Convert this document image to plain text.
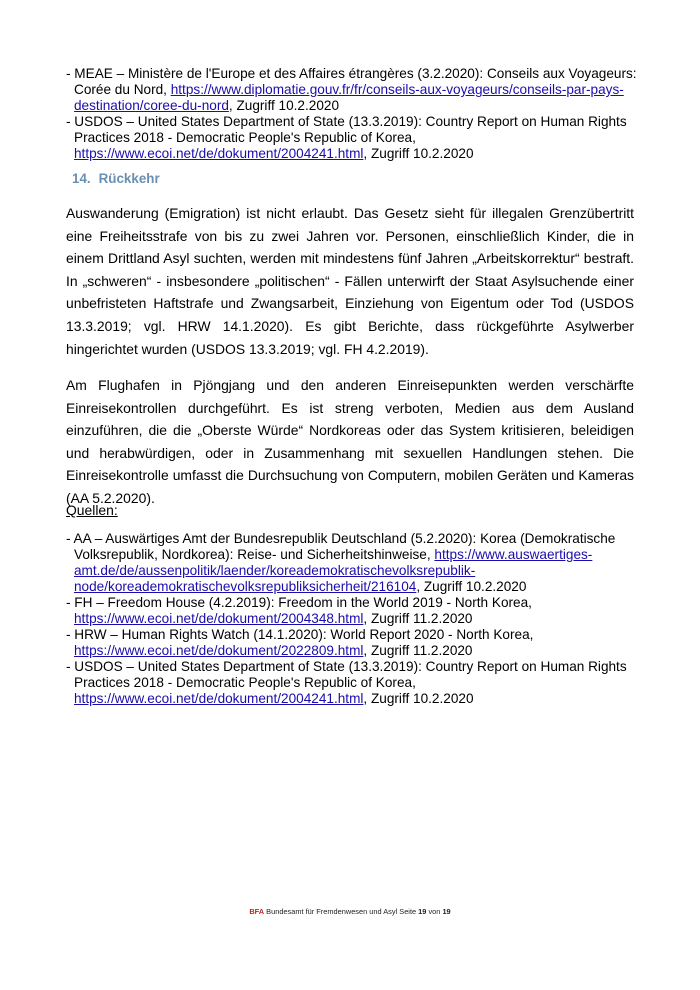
- MEAE – Ministère de l'Europe et des Affaires étrangères (3.2.2020): Conseils aux Voyageurs: Corée du Nord, https://www.diplomatie.gouv.fr/fr/conseils-aux-voyageurs/conseils-par-pays-destination/coree-du-nord, Zugriff 10.2.2020

- USDOS – United States Department of State (13.3.2019): Country Report on Human Rights Practices 2018 - Democratic People's Republic of Korea, https://www.ecoi.net/de/dokument/2004241.html, Zugriff 10.2.2020

14. Rückkehr

Auswanderung (Emigration) ist nicht erlaubt. Das Gesetz sieht für illegalen Grenzübertritt eine Freiheitsstrafe von bis zu zwei Jahren vor. Personen, einschließlich Kinder, die in einem Drittland Asyl suchten, werden mit mindestens fünf Jahren „Arbeitskorrektur“ bestraft. In „schweren“ - insbesondere „politischen“ - Fällen unterwirft der Staat Asylsuchende einer unbefristeten Haftstrafe und Zwangsarbeit, Einziehung von Eigentum oder Tod (USDOS 13.3.2019; vgl. HRW 14.1.2020). Es gibt Berichte, dass rückgeführte Asylwerber hingerichtet wurden (USDOS 13.3.2019; vgl. FH 4.2.2019).

Am Flughafen in Pjöngjang und den anderen Einreisepunkten werden verschärfte Einreisekontrollen durchgeführt. Es ist streng verboten, Medien aus dem Ausland einzuführen, die die „Oberste Würde“ Nordkoreas oder das System kritisieren, beleidigen und herabwürdigen, oder in Zusammenhang mit sexuellen Handlungen stehen. Die Einreisekontrolle umfasst die Durchsuchung von Computern, mobilen Geräten und Kameras (AA 5.2.2020).

Quellen:

- AA – Auswärtiges Amt der Bundesrepublik Deutschland (5.2.2020): Korea (Demokratische Volksrepublik, Nordkorea): Reise- und Sicherheitshinweise, https://www.auswaertiges-amt.de/de/aussenpolitik/laender/koreademokratischevolksrepublik-node/koreademokratischevolksrepubliksicherheit/216104, Zugriff 10.2.2020

- FH – Freedom House (4.2.2019): Freedom in the World 2019 - North Korea, https://www.ecoi.net/de/dokument/2004348.html, Zugriff 11.2.2020

- HRW – Human Rights Watch (14.1.2020): World Report 2020 - North Korea, https://www.ecoi.net/de/dokument/2022809.html, Zugriff 11.2.2020

- USDOS – United States Department of State (13.3.2019): Country Report on Human Rights Practices 2018 - Democratic People's Republic of Korea, https://www.ecoi.net/de/dokument/2004241.html, Zugriff 10.2.2020

BFA Bundesamt für Fremdenwesen und Asyl Seite 19 von 19
